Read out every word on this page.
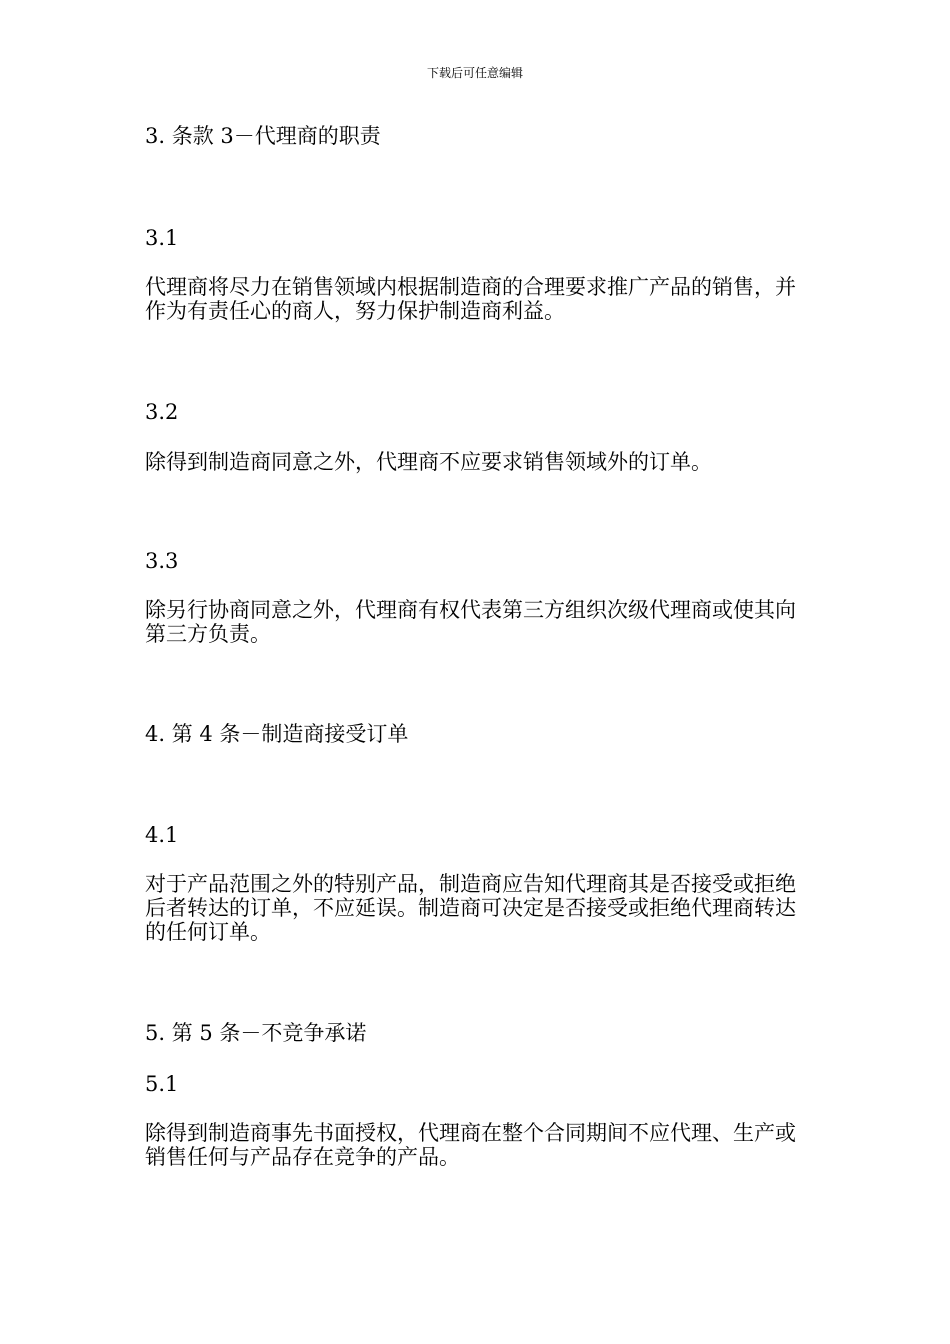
下载后可任意编辑

3. 条款 3－代理商的职责

3.1

代理商将尽力在销售领域内根据制造商的合理要求推广产品的销售，并作为有责任心的商人，努力保护制造商利益。

3.2

除得到制造商同意之外，代理商不应要求销售领域外的订单。

3.3

除另行协商同意之外，代理商有权代表第三方组织次级代理商或使其向第三方负责。

4. 第 4 条－制造商接受订单

4.1

对于产品范围之外的特别产品，制造商应告知代理商其是否接受或拒绝后者转达的订单，不应延误。制造商可决定是否接受或拒绝代理商转达的任何订单。

5. 第 5 条－不竞争承诺

5.1

除得到制造商事先书面授权，代理商在整个合同期间不应代理、生产或销售任何与产品存在竞争的产品。
